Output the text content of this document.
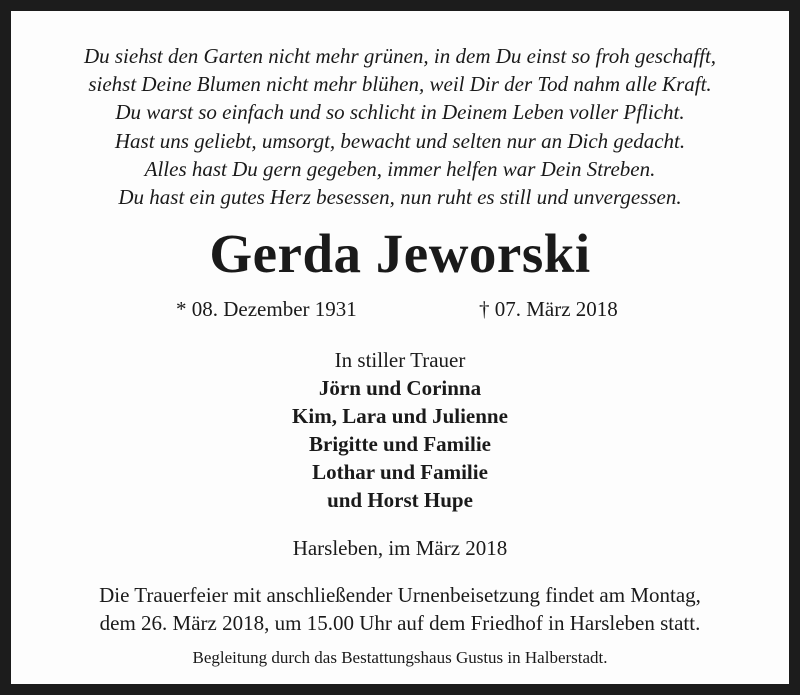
Du siehst den Garten nicht mehr grünen, in dem Du einst so froh geschafft,
siehst Deine Blumen nicht mehr blühen, weil Dir der Tod nahm alle Kraft.
Du warst so einfach und so schlicht in Deinem Leben voller Pflicht.
Hast uns geliebt, umsorgt, bewacht und selten nur an Dich gedacht.
Alles hast Du gern gegeben, immer helfen war Dein Streben.
Du hast ein gutes Herz besessen, nun ruht es still und unvergessen.
Gerda Jeworski
* 08. Dezember 1931	† 07. März 2018
In stiller Trauer
Jörn und Corinna
Kim, Lara und Julienne
Brigitte und Familie
Lothar und Familie
und Horst Hupe
Harsleben, im März 2018
Die Trauerfeier mit anschließender Urnenbeisetzung findet am Montag,
dem 26. März 2018, um 15.00 Uhr auf dem Friedhof in Harsleben statt.
Begleitung durch das Bestattungshaus Gustus in Halberstadt.
